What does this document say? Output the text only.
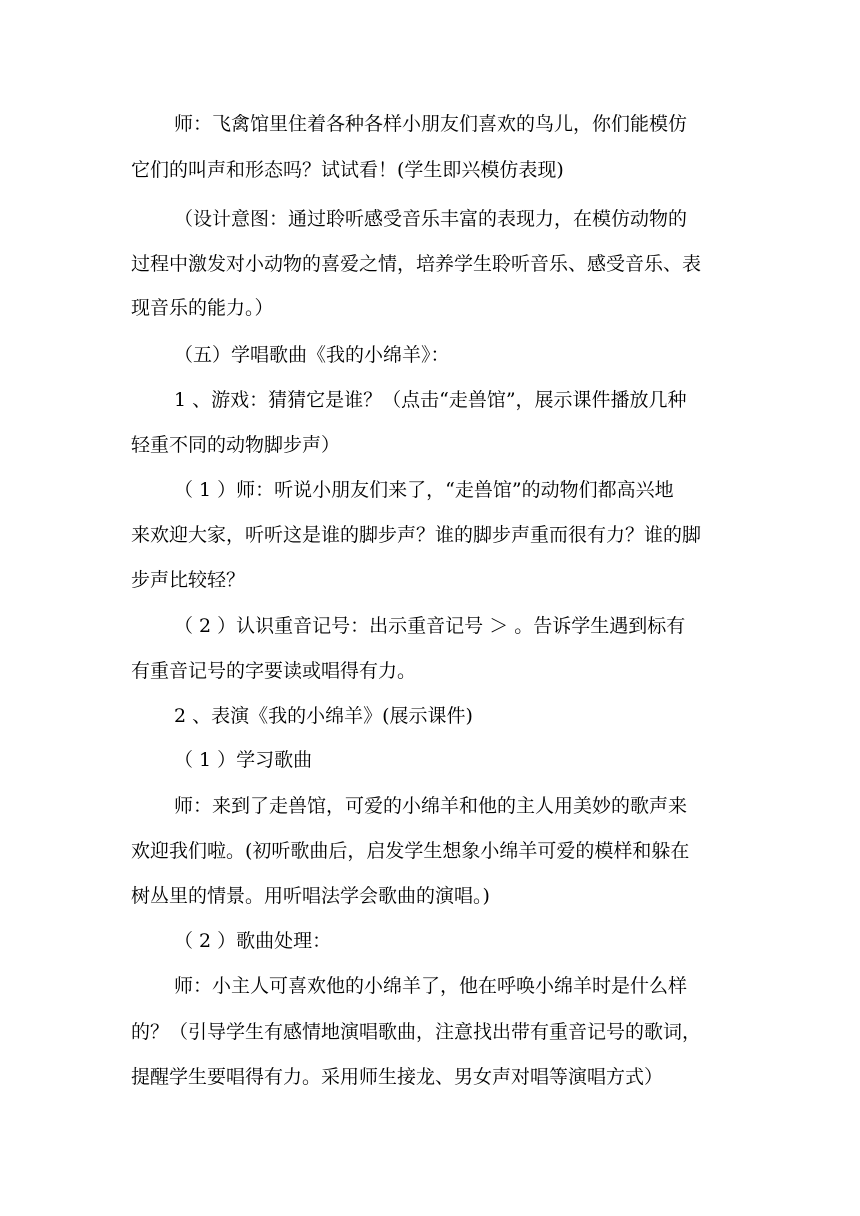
师：飞禽馆里住着各种各样小朋友们喜欢的鸟儿，你们能模仿
它们的叫声和形态吗？试试看！(学生即兴模仿表现)
（设计意图：通过聆听感受音乐丰富的表现力，在模仿动物的
过程中激发对小动物的喜爱之情，培养学生聆听音乐、感受音乐、表
现音乐的能力。）
（五）学唱歌曲《我的小绵羊》：
1 、游戏：猜猜它是谁？（点击“走兽馆”，展示课件播放几种
轻重不同的动物脚步声）
（ 1 ）师：听说小朋友们来了，“走兽馆”的动物们都高兴地
来欢迎大家，听听这是谁的脚步声？谁的脚步声重而很有力？谁的脚
步声比较轻？
（ 2 ）认识重音记号：出示重音记号 ＞ 。告诉学生遇到标有
有重音记号的字要读或唱得有力。
2 、表演《我的小绵羊》(展示课件)
（ 1 ）学习歌曲
师：来到了走兽馆，可爱的小绵羊和他的主人用美妙的歌声来
欢迎我们啦。(初听歌曲后，启发学生想象小绵羊可爱的模样和躲在
树丛里的情景。用听唱法学会歌曲的演唱。)
（ 2 ）歌曲处理：
师：小主人可喜欢他的小绵羊了，他在呼唤小绵羊时是什么样
的？（引导学生有感情地演唱歌曲，注意找出带有重音记号的歌词，
提醒学生要唱得有力。采用师生接龙、男女声对唱等演唱方式）
